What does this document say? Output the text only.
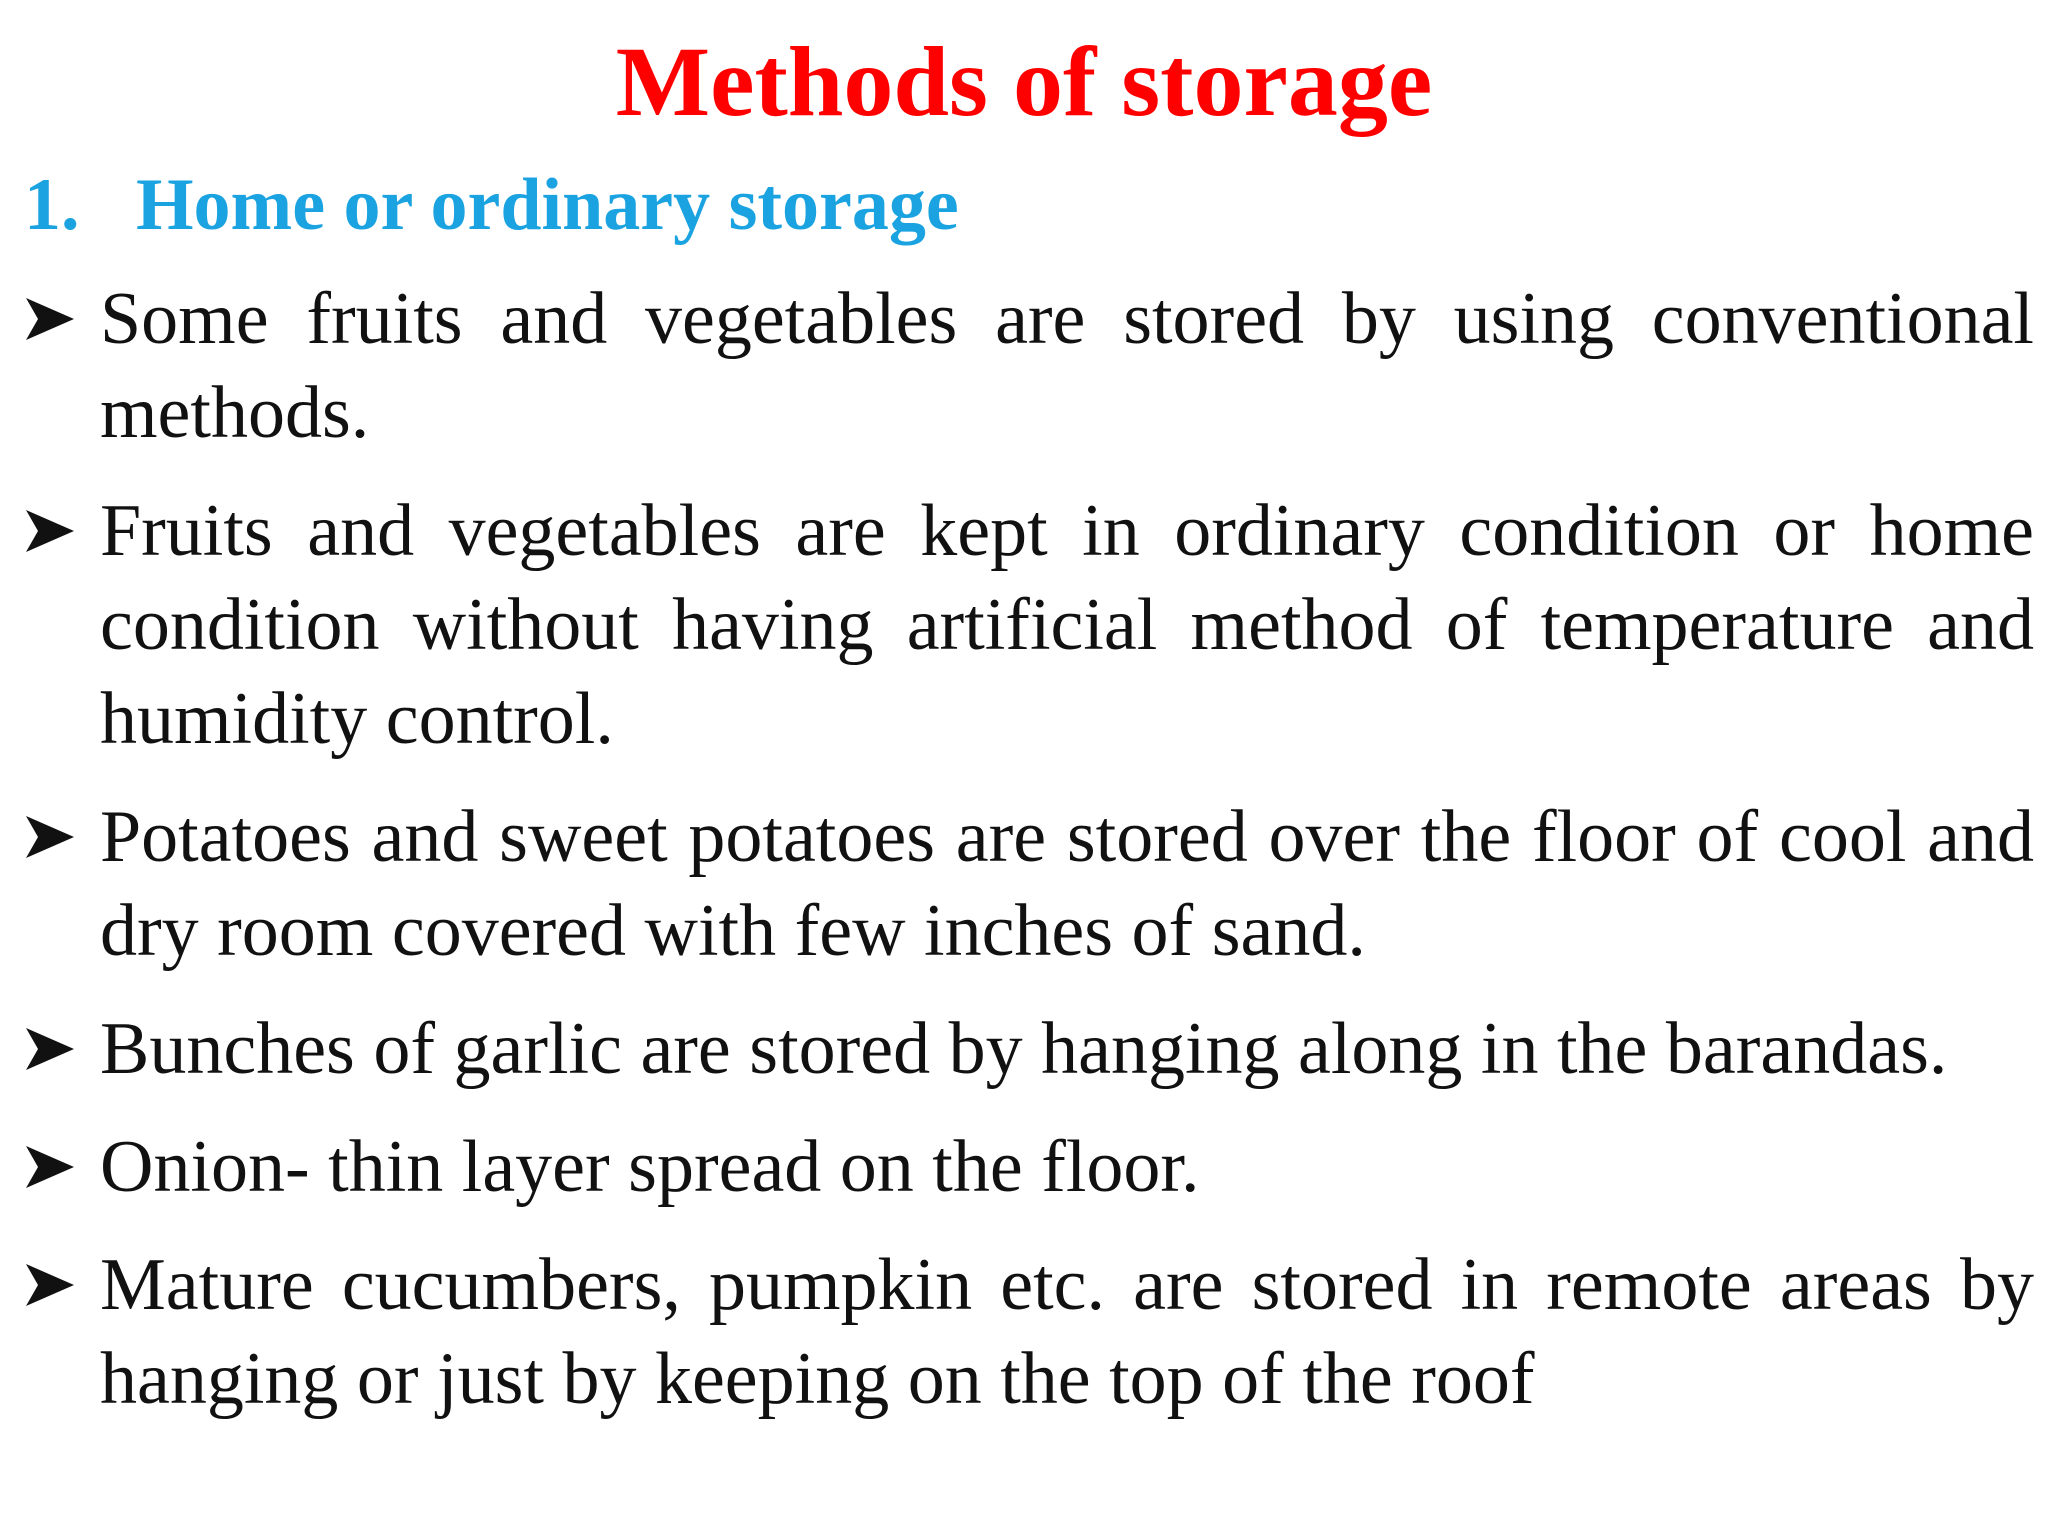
Methods of storage
1. Home or ordinary storage
Some fruits and vegetables are stored by using conventional methods.
Fruits and vegetables are kept in ordinary condition or home condition without having artificial method of temperature and humidity control.
Potatoes and sweet potatoes are stored over the floor of cool and dry room covered with few inches of sand.
Bunches of garlic are stored by hanging along in the barandas.
Onion- thin layer spread on the floor.
Mature cucumbers, pumpkin etc. are stored in remote areas by hanging or just by keeping on the top of the roof
